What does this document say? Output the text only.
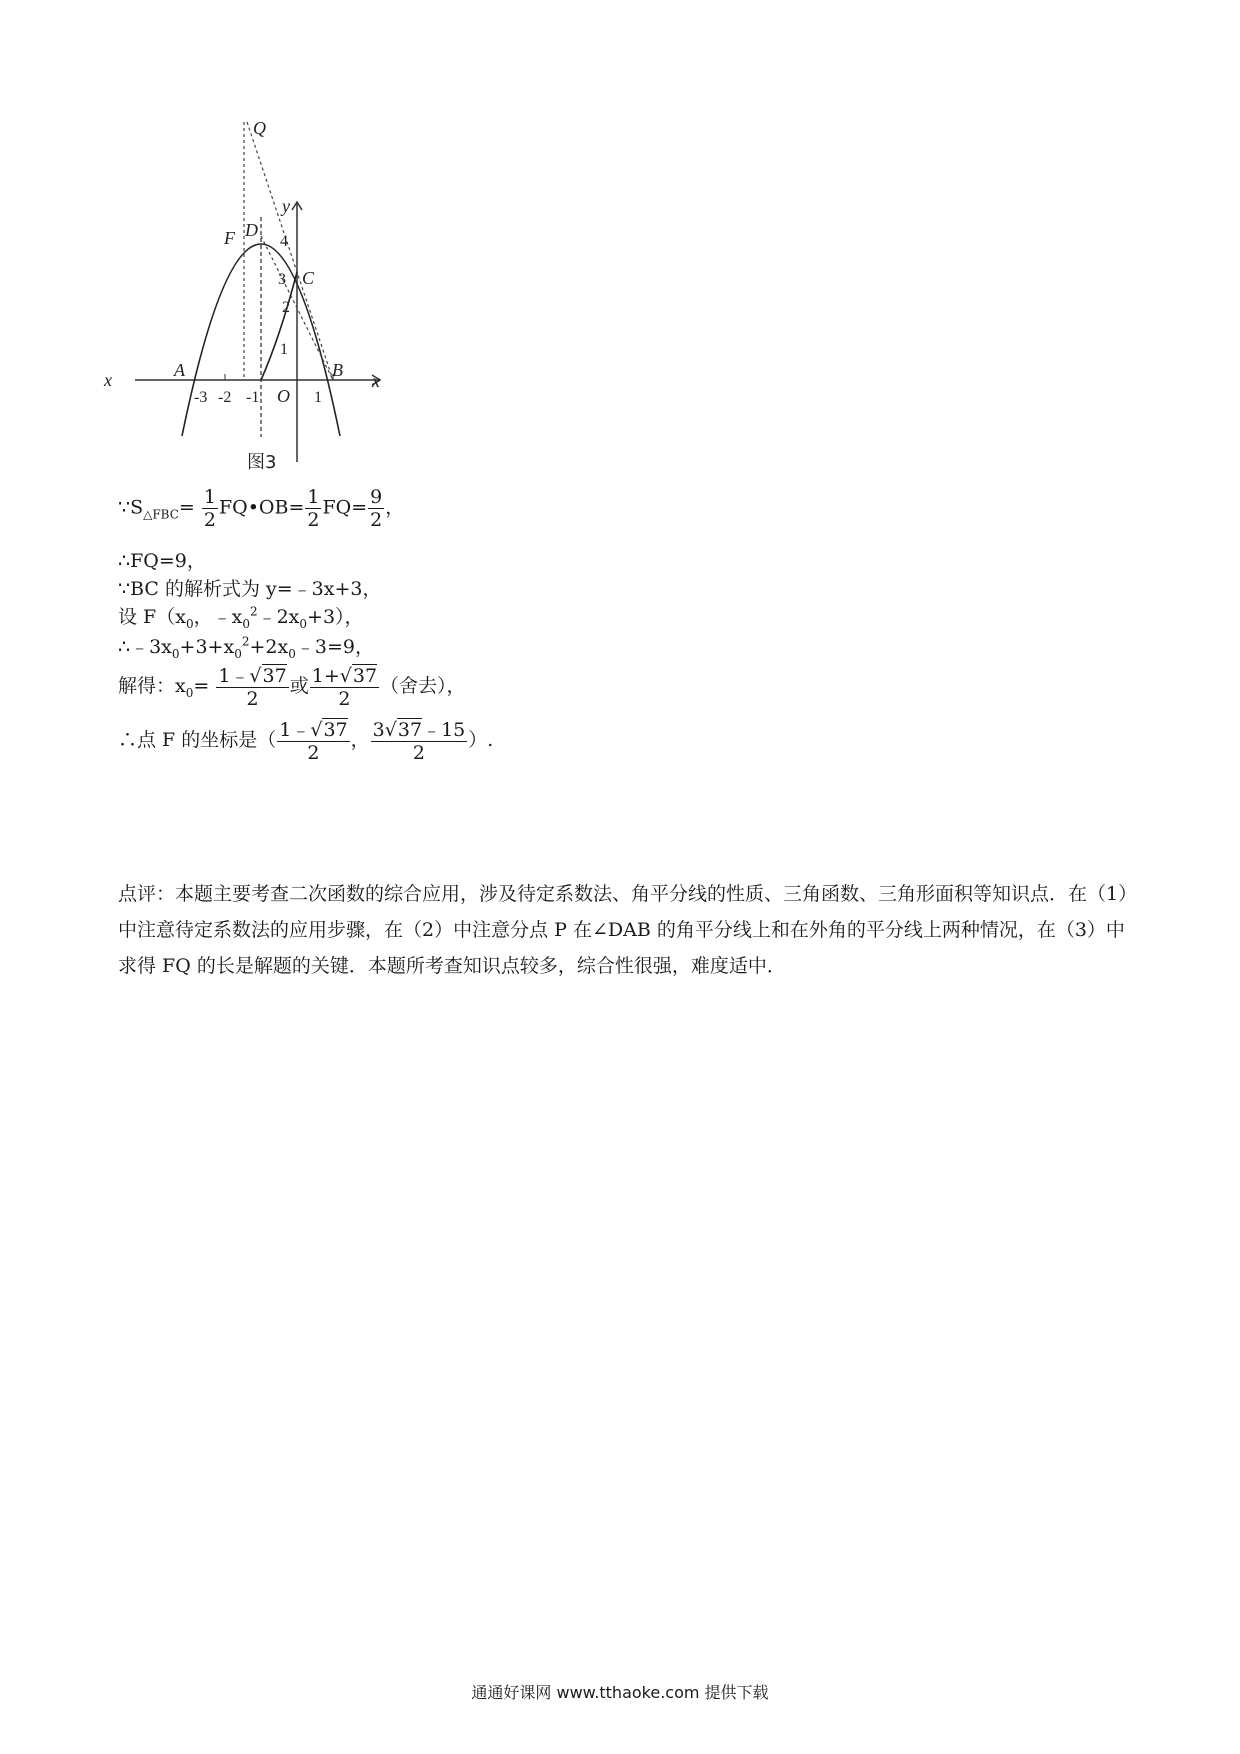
Q
y
F D
C
A	B
O
x	x
-3 -2 -1	1
1
2
3
4
图3
$\because S_{\triangle FBC}= \frac{1}{2}$ FQ•OB= $\frac{1}{2} FQ= \frac{9}{2}$ ，
∴FQ=9，
∵BC 的解析式为 y=﹣3x+3，
设 $F(x_0$，$﹣x_0^2﹣2x_0+3$），
$\therefore﹣3x_0+3+x_0^2+2x_0﹣3=9$，
解得：$x_0= \frac{1﹣√37}{2}$ 或 $\frac{1+√37}{2}$ （舍去），
∴点 F 的坐标是（ $\frac{1﹣√37}{2}$ ， $\frac{3√37﹣15}{2}$ ）.
点评：本题主要考查二次函数的综合应用，涉及待定系数法、角平分线的性质、三角函数、三角形面积等知识点．在（1）中注意待定系数法的应用步骤，在（2）中注意分点 P 在∠DAB 的角平分线上和在外角的平分线上两种情况，在（3）中求得 FQ 的长是解题的关键．本题所考查知识点较多，综合性很强，难度适中．
通通好课网 www.tthaoke.com 提供下载
